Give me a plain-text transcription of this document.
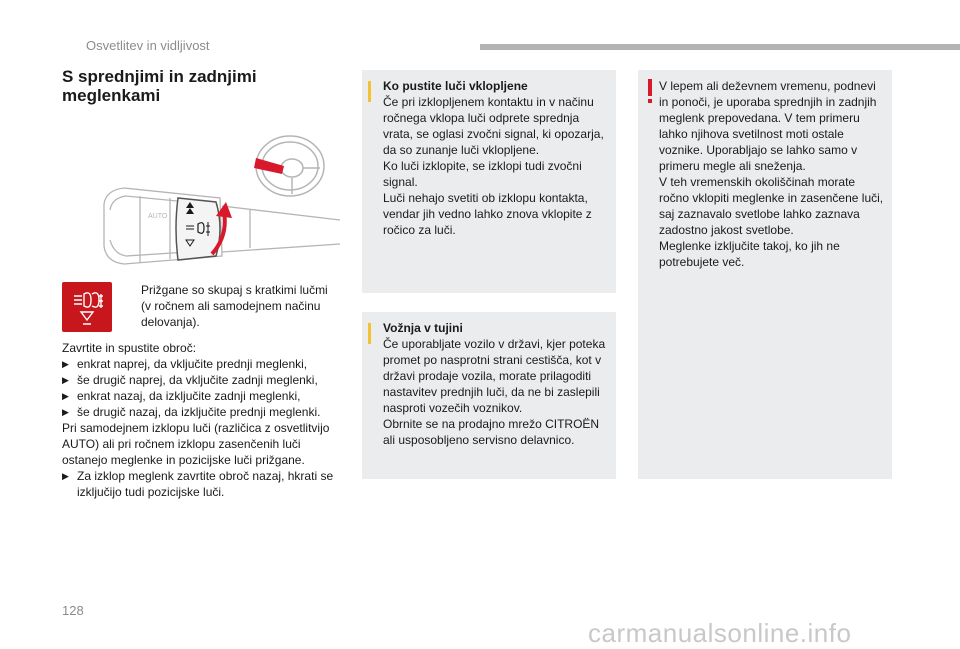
Osvetlitev in vidljivost
S sprednjimi in zadnjimi meglenkami
AUTO
Prižgane so skupaj s kratkimi lučmi (v ročnem ali samodejnem načinu delovanja).

Zavrtite in spustite obroč:

▶ enkrat naprej, da vključite prednji meglenki,
▶ še drugič naprej, da vključite zadnji meglenki,
▶ enkrat nazaj, da izključite zadnji meglenki,
▶ še drugič nazaj, da izključite prednji meglenki.

Pri samodejnem izklopu luči (različica z osvetlitvijo AUTO) ali pri ročnem izklopu zasenčenih luči ostanejo meglenke in pozicijske luči prižgane.

▶ Za izklop meglenk zavrtite obroč nazaj, hkrati se izključijo tudi pozicijske luči.

Ko pustite luči vklopljene

Če pri izklopljenem kontaktu in v načinu ročnega vklopa luči odprete sprednja vrata, se oglasi zvočni signal, ki opozarja, da so zunanje luči vklopljene.

Ko luči izklopite, se izklopi tudi zvočni signal.

Luči nehajo svetiti ob izklopu kontakta, vendar jih vedno lahko znova vklopite z ročico za luči.

Vožnja v tujini

Če uporabljate vozilo v državi, kjer poteka promet po nasprotni strani cestišča, kot v državi prodaje vozila, morate prilagoditi nastavitev prednjih luči, da ne bi zaslepili nasproti vozečih voznikov.

Obrnite se na prodajno mrežo CITROËN ali usposobljeno servisno delavnico.

V lepem ali deževnem vremenu, podnevi in ponoči, je uporaba sprednjih in zadnjih meglenk prepovedana. V tem primeru lahko njihova svetilnost moti ostale voznike. Uporabljajo se lahko samo v primeru megle ali sneženja.

V teh vremenskih okoliščinah morate ročno vklopiti meglenke in zasenčene luči, saj zaznavalo svetlobe lahko zaznava zadostno jakost svetlobe.

Meglenke izključite takoj, ko jih ne potrebujete več.

128
carmanualsonline.info
